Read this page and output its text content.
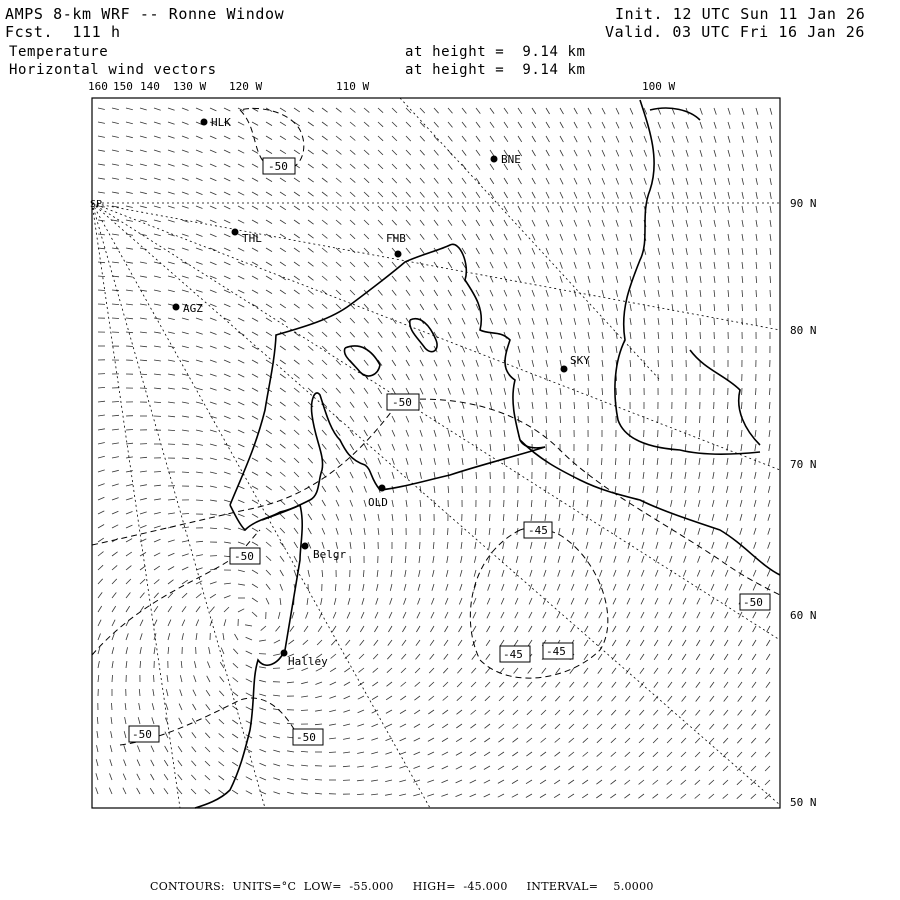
AMPS 8-km WRF -- Ronne Window
Fcst.  111 h
Temperature
Horizontal wind vectors
at height =  9.14 km
at height =  9.14 km
Init. 12 UTC Sun 11 Jan 26
Valid. 03 UTC Fri 16 Jan 26
HLK
BNE
THL	FHB
AGZ
SKY
OLD
Belgr
Halley
-50
-50
-45
-50
-50
-45 -45
-50	-50
160 150 140 130 W 120 W	110 W	100 W
90 N
80 N
70 N
60 N
50 N
SP
CONTOURS: UNITS=°C LOW=  -55.000 HIGH=  -45.000 INTERVAL=    5.0000
